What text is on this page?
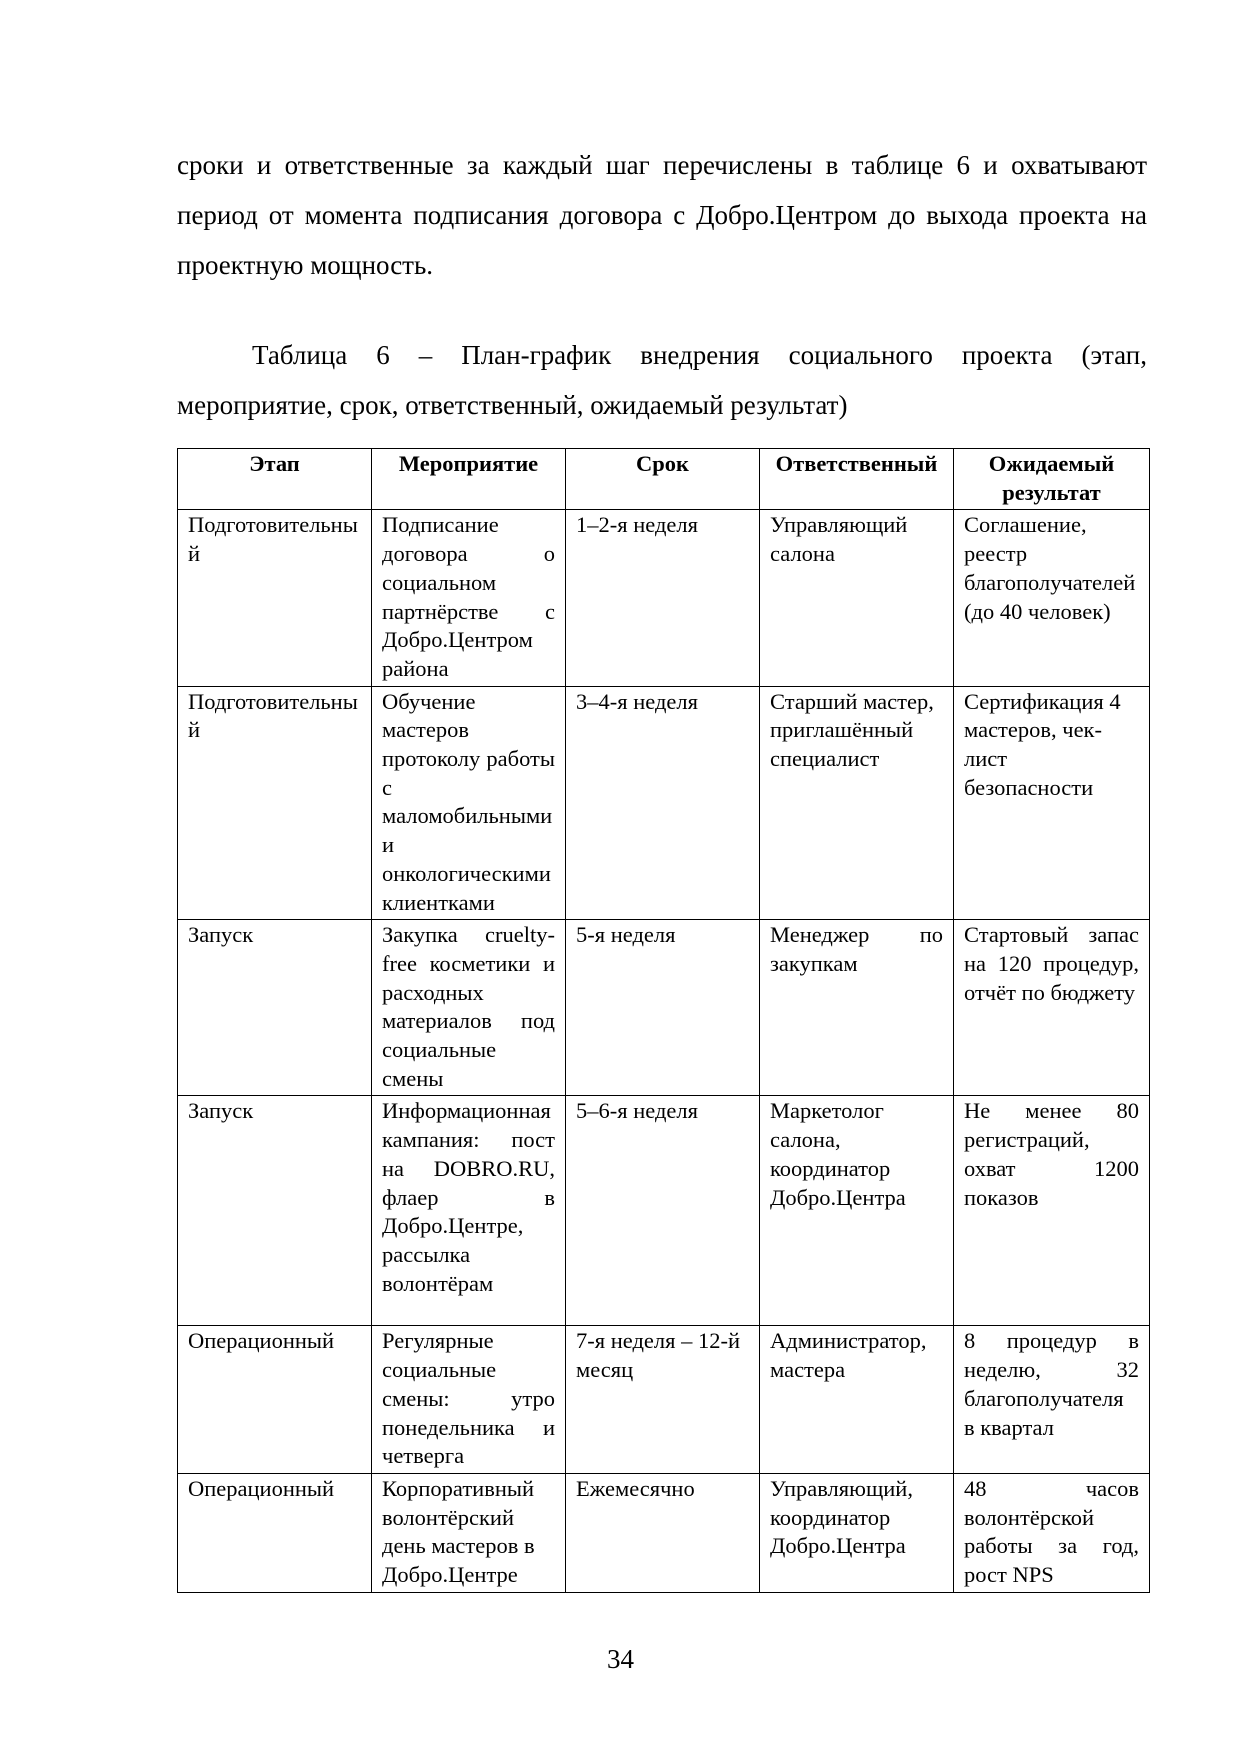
сроки и ответственные за каждый шаг перечислены в таблице 6 и охватывают период от момента подписания договора с Добро.Центром до выхода проекта на проектную мощность.

Таблица 6 – План-график внедрения социального проекта (этап, мероприятие, срок, ответственный, ожидаемый результат)

Этап	Мероприятие	Срок	Ответственный	Ожидаемый результат
Подготовительный	Подписание договора о социальном партнёрстве с Добро.Центром района	1–2-я неделя	Управляющий салона	Соглашение, реестр благополучателей (до 40 человек)
Подготовительный	Обучение мастеров протоколу работы с маломобильными и онкологическими клиентками	3–4-я неделя	Старший мастер, приглашённый специалист	Сертификация 4 мастеров, чек-лист безопасности
Запуск	Закупка cruelty-free косметики и расходных материалов под социальные смены	5-я неделя	Менеджер по закупкам	Стартовый запас на 120 процедур, отчёт по бюджету
Запуск	Информационная кампания: пост на DOBRO.RU, флаер в Добро.Центре, рассылка волонтёрам	5–6-я неделя	Маркетолог салона, координатор Добро.Центра	Не менее 80 регистраций, охват 1200 показов
Операционный	Регулярные социальные смены: утро понедельника и четверга	7-я неделя – 12-й месяц	Администратор, мастера	8 процедур в неделю, 32 благополучателя в квартал
Операционный	Корпоративный волонтёрский день мастеров в Добро.Центре	Ежемесячно	Управляющий, координатор Добро.Центра	48 часов волонтёрской работы за год, рост NPS
34
